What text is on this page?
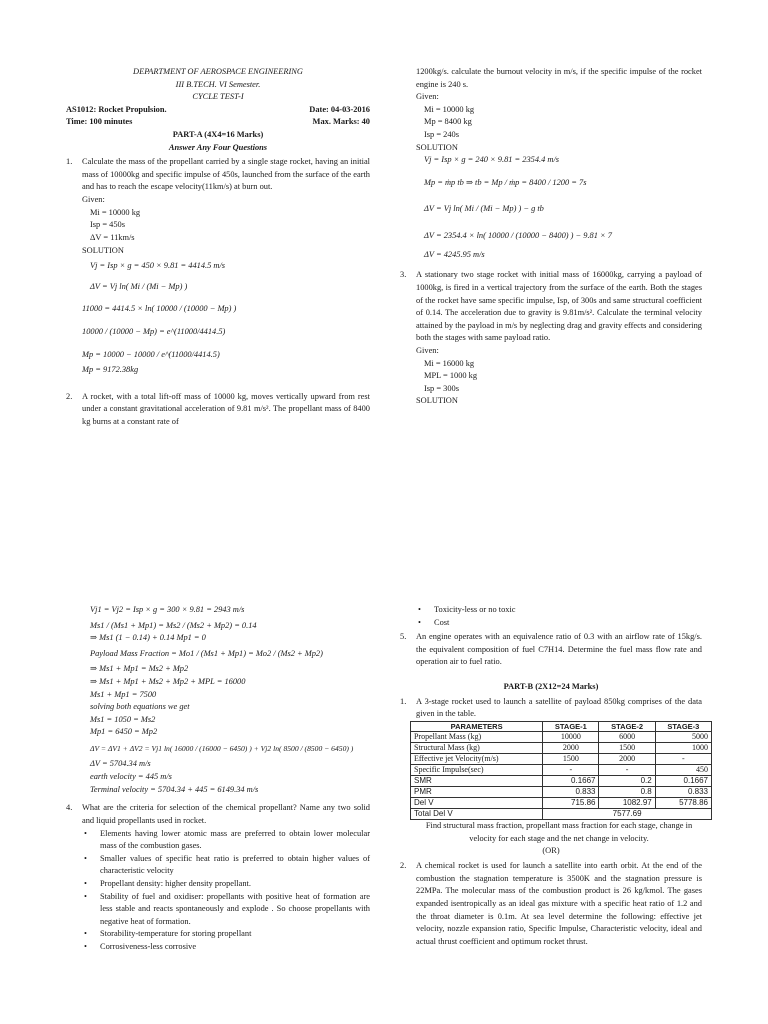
DEPARTMENT OF AEROSPACE ENGINEERING
III B.TECH. VI Semester.
CYCLE TEST-I
AS1012: Rocket Propulsion.	Date: 04-03-2016
Time: 100 minutes	Max. Marks: 40
PART-A (4X4=16 Marks)
Answer Any Four Questions
1.	Calculate the mass of the propellant carried by a single stage rocket, having an initial mass of 10000kg and specific impulse of 450s, launched from the surface of the earth and has to reach the escape velocity(11km/s) at burn out.
Given:
Mi = 10000 kg
Isp = 450s
ΔV = 11km/s
SOLUTION
Vj = Isp × g = 450 × 9.81 = 4414.5 m/s
ΔV = Vj ln( Mi / (Mi − Mp) )
11000 = 4414.5 × ln( 10000 / (10000 − Mp) )
10000 / (10000 − Mp) = e^(11000/4414.5)
Mp = 10000 − 10000 / e^(11000/4414.5)
Mp = 9172.38kg
2.	A rocket, with a total lift-off mass of 10000 kg, moves vertically upward from rest under a constant gravitational acceleration of 9.81 m/s². The propellant mass of 8400 kg burns at a constant rate of
1200kg/s. calculate the burnout velocity in m/s, if the specific impulse of the rocket engine is 240 s.
Given:
Mi = 10000 kg
Mp = 8400 kg
Isp = 240s
SOLUTION
Vj = Isp × g = 240 × 9.81 = 2354.4 m/s
Mp = ṁp tb ⇒ tb = Mp / ṁp = 8400 / 1200 = 7s
ΔV = Vj ln( Mi / (Mi − Mp) ) − g tb
ΔV = 2354.4 × ln( 10000 / (10000 − 8400) ) − 9.81 × 7
ΔV = 4245.95 m/s
3.	A stationary two stage rocket with initial mass of 16000kg, carrying a payload of 1000kg, is fired in a vertical trajectory from the surface of the earth. Both the stages of the rocket have same specific impulse, Isp, of 300s and same structural coefficient of 0.14. The acceleration due to gravity is 9.81m/s². Calculate the terminal velocity attained by the payload in m/s by neglecting drag and gravity effects and considering both the stages with same payload ratio.
Given:
Mi = 16000 kg
MPL = 1000 kg
Isp = 300s
SOLUTION
Vj1 = Vj2 = Isp × g = 300 × 9.81 = 2943 m/s
Ms1 / (Ms1 + Mp1) = Ms2 / (Ms2 + Mp2) = 0.14
⇒ Ms1 (1 − 0.14) + 0.14 Mp1 = 0
Payload Mass Fraction = Mo1 / (Ms1 + Mp1) = Mo2 / (Ms2 + Mp2)
⇒ Ms1 + Mp1 = Ms2 + Mp2
⇒ Ms1 + Mp1 + Ms2 + Mp2 + MPL = 16000
Ms1 + Mp1 = 7500
solving both equations we get
Ms1 = 1050 = Ms2
Mp1 = 6450 = Mp2
ΔV = ΔV1 + ΔV2 = Vj1 ln( 16000 / (16000 − 6450) ) + Vj2 ln( 8500 / (8500 − 6450) )
ΔV = 5704.34 m/s
earth velocity = 445 m/s
Terminal velocity = 5704.34 + 445 = 6149.34 m/s
4.	What are the criteria for selection of the chemical propellant? Name any two solid and liquid propellants used in rocket.
•	Elements having lower atomic mass are preferred to obtain lower molecular mass of the combustion gases.
•	Smaller values of specific heat ratio is preferred to obtain higher values of characteristic velocity
•	Propellant density: higher density propellant.
•	Stability of fuel and oxidiser: propellants with positive heat of formation are less stable and reacts spontaneously and explode . So choose propellants with negative heat of formation.
•	Storability-temperature for storing propellant
•	Corrosiveness-less corrosive
•	Toxicity-less or no toxic
•	Cost
5.	An engine operates with an equivalence ratio of 0.3 with an airflow rate of 15kg/s. the equivalent composition of fuel C7H14. Determine the fuel mass flow rate and operation air to fuel ratio.
PART-B (2X12=24 Marks)
1.	A 3-stage rocket used to launch a satellite of payload 850kg comprises of the data given in the table.
PARAMETERS	STAGE-1	STAGE-2	STAGE-3
Propellant Mass (kg)	10000	6000	5000
Structural Mass (kg)	2000	1500	1000
Effective jet Velocity(m/s)	1500	2000	-
Specific Impulse(sec)	-	-	450
SMR	0.1667	0.2	0.1667
PMR	0.833	0.8	0.833
Del V	715.86	1082.97	5778.86
Total Del V	7577.69		
Find structural mass fraction, propellant mass fraction for each stage, change in velocity for each stage and the net change in velocity.
(OR)
2.	A chemical rocket is used for launch a satellite into earth orbit. At the end of the combustion the stagnation temperature is 3500K and the stagnation pressure is 22MPa. The molecular mass of the combustion product is 26 kg/kmol. The gases expanded isentropically as an ideal gas mixture with a specific heat ratio of 1.2 and the throat diameter is 0.1m. At sea level determine the following: effective jet velocity, nozzle expansion ratio, Specific Impulse, Characteristic velocity, ideal and actual thrust coefficient and optimum rocket thrust.
